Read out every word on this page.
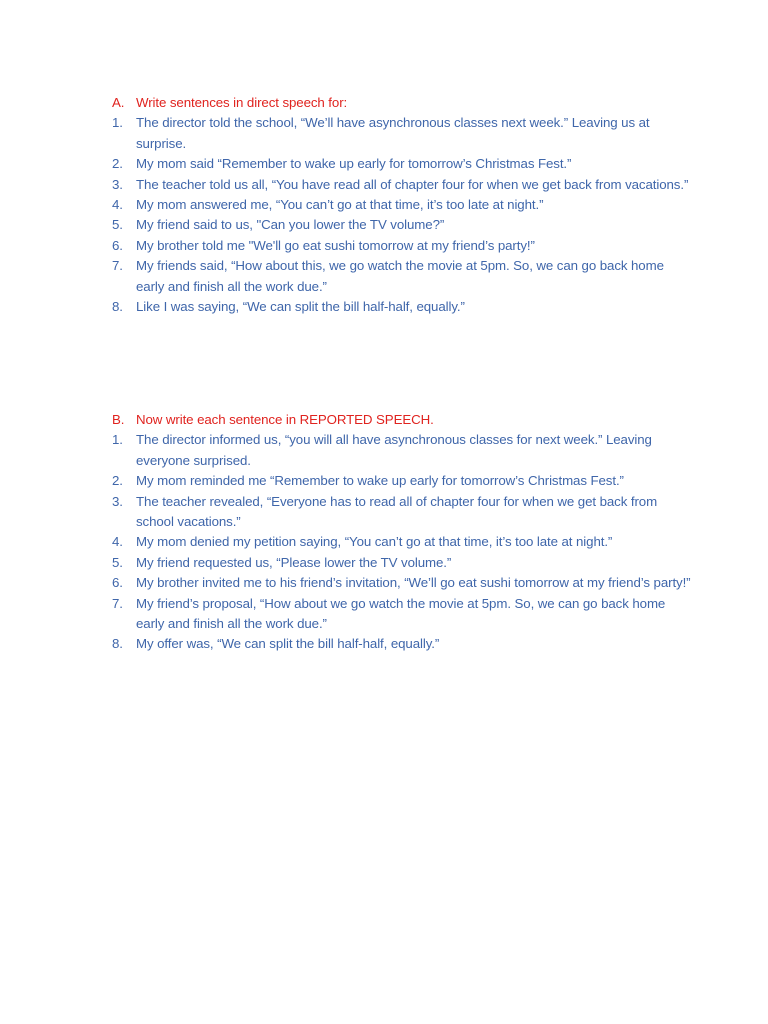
A. Write sentences in direct speech for:
1. The director told the school, “We’ll have asynchronous classes next week.” Leaving us at surprise.
2. My mom said “Remember to wake up early for tomorrow’s Christmas Fest.”
3. The teacher told us all, “You have read all of chapter four for when we get back from vacations.”
4. My mom answered me, “You can’t go at that time, it’s too late at night.”
5. My friend said to us, "Can you lower the TV volume?”
6. My brother told me "We'll go eat sushi tomorrow at my friend’s party!”
7. My friends said, “How about this, we go watch the movie at 5pm. So, we can go back home early and finish all the work due.”
8. Like I was saying, “We can split the bill half-half, equally.”
B. Now write each sentence in REPORTED SPEECH.
1. The director informed us, “you will all have asynchronous classes for next week.” Leaving everyone surprised.
2. My mom reminded me “Remember to wake up early for tomorrow’s Christmas Fest.”
3. The teacher revealed, “Everyone has to read all of chapter four for when we get back from school vacations.”
4. My mom denied my petition saying, “You can’t go at that time, it’s too late at night.”
5. My friend requested us, “Please lower the TV volume.”
6. My brother invited me to his friend’s invitation, “We’ll go eat sushi tomorrow at my friend’s party!”
7. My friend’s proposal, “How about we go watch the movie at 5pm. So, we can go back home early and finish all the work due.”
8. My offer was, “We can split the bill half-half, equally.”
